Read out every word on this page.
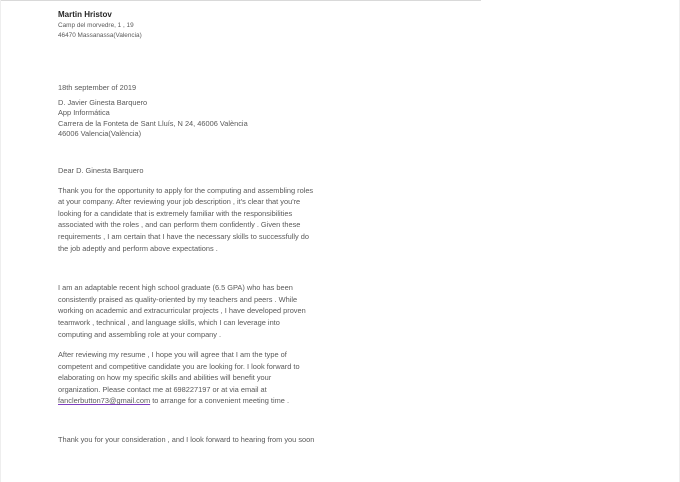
Martin Hristov
Camp del morvedre, 1 , 19
46470 Massanassa(Valencia)
18th september of 2019
D. Javier Ginesta Barquero
App Informática
Carrera de la Fonteta de Sant Lluís, N 24, 46006 València
46006 Valencia(València)
Dear D. Ginesta Barquero
Thank you for the opportunity to apply for the computing and assembling roles
at your company. After reviewing your job description , it's clear that you're
looking for a candidate that is extremely familiar with the responsibilities
associated with the roles , and can perform them confidently . Given these
requirements , I am certain that I have the necessary skills to successfully do
the job adeptly and perform above expectations .
I am an adaptable recent high school graduate (6.5 GPA) who has been
consistently praised as quality-oriented by my teachers and peers . While
working on academic and extracurricular projects , I have developed proven
teamwork , technical , and language skills, which I can leverage into
computing and assembling role at your company .
After reviewing my resume , I hope you will agree that I am the type of
competent and competitive candidate you are looking for. I look forward to
elaborating on how my specific skills and abilities will benefit your
organization. Please contact me at 698227197 or at via email at
fanclerbutton73@gmail.com to arrange for a convenient meeting time .
Thank you for your consideration , and I look forward to hearing from you soon
